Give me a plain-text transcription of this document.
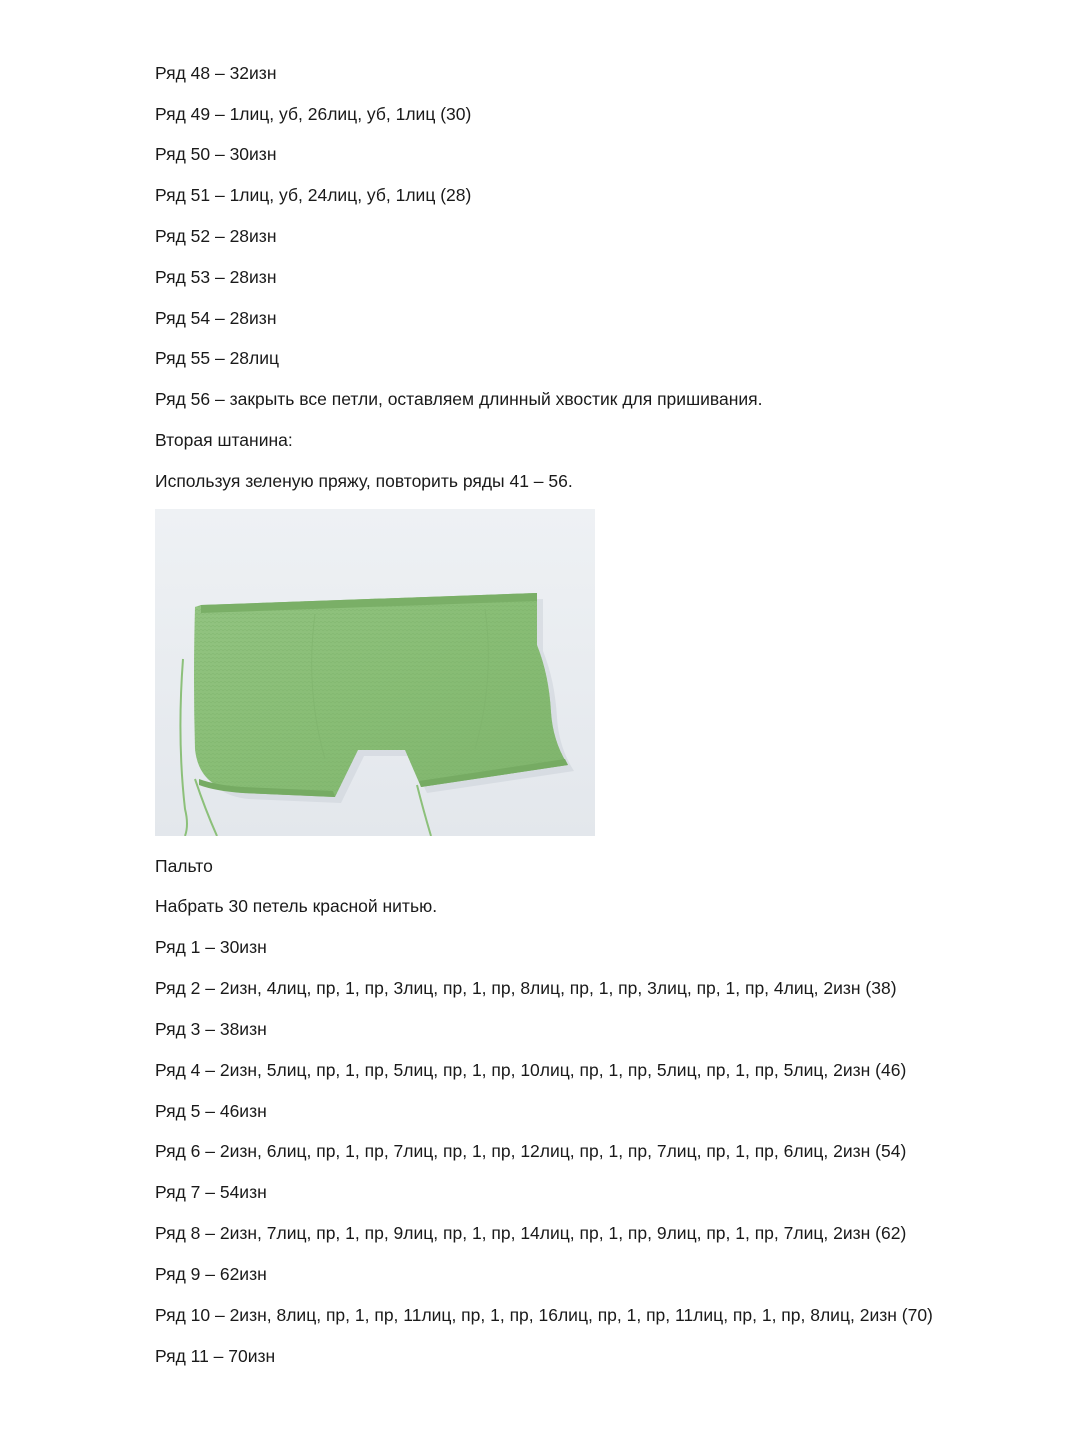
Ряд 48 – 32изн
Ряд 49 – 1лиц, уб, 26лиц, уб, 1лиц (30)
Ряд 50 – 30изн
Ряд 51 – 1лиц, уб, 24лиц, уб, 1лиц (28)
Ряд 52 – 28изн
Ряд 53 – 28изн
Ряд 54 – 28изн
Ряд 55 – 28лиц
Ряд 56 – закрыть все петли, оставляем длинный хвостик для пришивания.
Вторая штанина:
Используя зеленую пряжу, повторить ряды 41 – 56.
Пальто
Набрать 30 петель красной нитью.
Ряд 1 – 30изн
Ряд 2 – 2изн, 4лиц, пр, 1, пр, 3лиц, пр, 1, пр, 8лиц, пр, 1, пр, 3лиц, пр, 1, пр, 4лиц, 2изн (38)
Ряд 3 – 38изн
Ряд 4 – 2изн, 5лиц, пр, 1, пр, 5лиц, пр, 1, пр, 10лиц, пр, 1, пр, 5лиц, пр, 1, пр, 5лиц, 2изн (46)
Ряд 5 – 46изн
Ряд 6 – 2изн, 6лиц, пр, 1, пр, 7лиц, пр, 1, пр, 12лиц, пр, 1, пр, 7лиц, пр, 1, пр, 6лиц, 2изн (54)
Ряд 7 – 54изн
Ряд 8 – 2изн, 7лиц, пр, 1, пр, 9лиц, пр, 1, пр, 14лиц, пр, 1, пр, 9лиц, пр, 1, пр, 7лиц, 2изн (62)
Ряд 9 – 62изн
Ряд 10 – 2изн, 8лиц, пр, 1, пр, 11лиц, пр, 1, пр, 16лиц, пр, 1, пр, 11лиц, пр, 1, пр, 8лиц, 2изн (70)
Ряд 11 – 70изн
